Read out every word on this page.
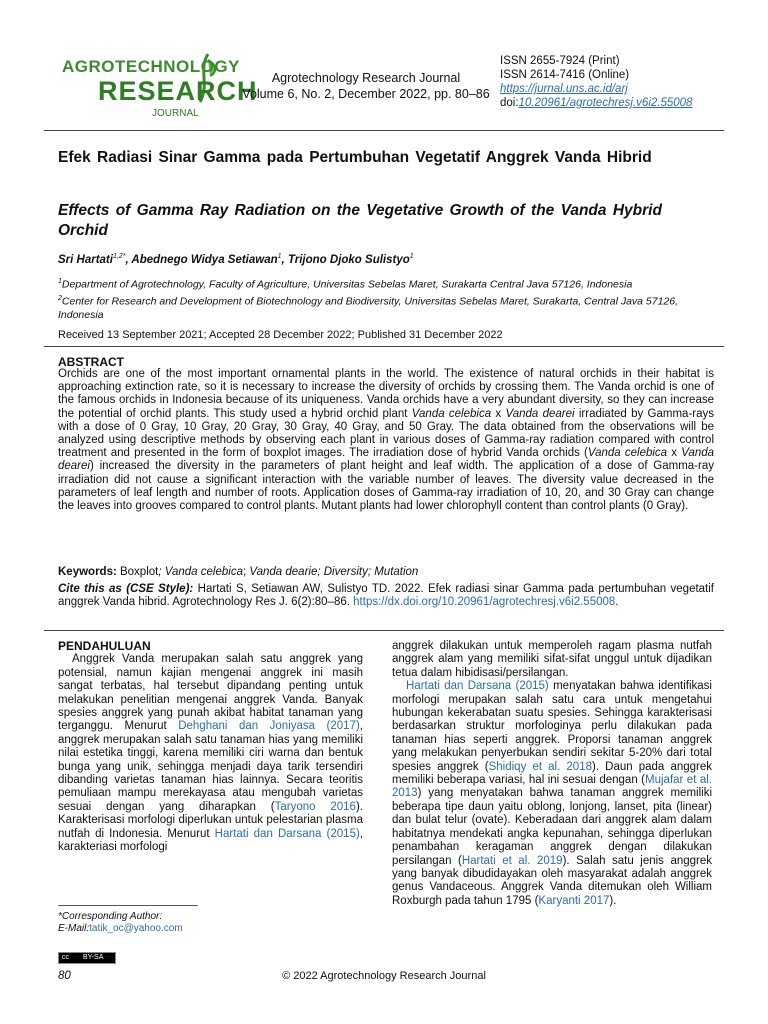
AGROTECHNOLOGY
RESEARCH
JOURNAL
Agrotechnology Research Journal
Volume 6, No. 2, December 2022, pp. 80–86
ISSN 2655-7924 (Print)
ISSN 2614-7416 (Online)
https://jurnal.uns.ac.id/arj
doi:10.20961/agrotechresj.v6i2.55008
Efek Radiasi Sinar Gamma pada Pertumbuhan Vegetatif Anggrek Vanda Hibrid
Effects of Gamma Ray Radiation on the Vegetative Growth of the Vanda Hybrid Orchid
Sri Hartati$^{1,2*}$, Abednego Widya Setiawan$^1$, Trijono Djoko Sulistyo$^1$
$^1$Department of Agrotechnology, Faculty of Agriculture, Universitas Sebelas Maret, Surakarta Central Java 57126, Indonesia
$^2$Center for Research and Development of Biotechnology and Biodiversity, Universitas Sebelas Maret, Surakarta, Central Java 57126, Indonesia
Received 13 September 2021; Accepted 28 December 2022; Published 31 December 2022
ABSTRACT
Orchids are one of the most important ornamental plants in the world. The existence of natural orchids in their habitat is approaching extinction rate, so it is necessary to increase the diversity of orchids by crossing them. The Vanda orchid is one of the famous orchids in Indonesia because of its uniqueness. Vanda orchids have a very abundant diversity, so they can increase the potential of orchid plants. This study used a hybrid orchid plant Vanda celebica x Vanda dearei irradiated by Gamma-rays with a dose of 0 Gray, 10 Gray, 20 Gray, 30 Gray, 40 Gray, and 50 Gray. The data obtained from the observations will be analyzed using descriptive methods by observing each plant in various doses of Gamma-ray radiation compared with control treatment and presented in the form of boxplot images. The irradiation dose of hybrid Vanda orchids (Vanda celebica x Vanda dearei) increased the diversity in the parameters of plant height and leaf width. The application of a dose of Gamma-ray irradiation did not cause a significant interaction with the variable number of leaves. The diversity value decreased in the parameters of leaf length and number of roots. Application doses of Gamma-ray irradiation of 10, 20, and 30 Gray can change the leaves into grooves compared to control plants. Mutant plants had lower chlorophyll content than control plants (0 Gray).
Keywords: Boxplot; Vanda celebica; Vanda dearie; Diversity; Mutation
Cite this as (CSE Style): Hartati S, Setiawan AW, Sulistyo TD. 2022. Efek radiasi sinar Gamma pada pertumbuhan vegetatif anggrek Vanda hibrid. Agrotechnology Res J. 6(2):80–86. https://dx.doi.org/10.20961/agrotechresj.v6i2.55008.
PENDAHULUAN
Anggrek Vanda merupakan salah satu anggrek yang potensial, namun kajian mengenai anggrek ini masih sangat terbatas, hal tersebut dipandang penting untuk melakukan penelitian mengenai anggrek Vanda. Banyak spesies anggrek yang punah akibat habitat tanaman yang terganggu. Menurut Dehghani dan Joniyasa (2017), anggrek merupakan salah satu tanaman hias yang memiliki nilai estetika tinggi, karena memiliki ciri warna dan bentuk bunga yang unik, sehingga menjadi daya tarik tersendiri dibanding varietas tanaman hias lainnya. Secara teoritis pemuliaan mampu merekayasa atau mengubah varietas sesuai dengan yang diharapkan (Taryono 2016). Karakterisasi morfologi diperlukan untuk pelestarian plasma nutfah di Indonesia. Menurut Hartati dan Darsana (2015), karakteriasi morfologi
anggrek dilakukan untuk memperoleh ragam plasma nutfah anggrek alam yang memiliki sifat-sifat unggul untuk dijadikan tetua dalam hibidisasi/persilangan.
Hartati dan Darsana (2015) menyatakan bahwa identifikasi morfologi merupakan salah satu cara untuk mengetahui hubungan kekerabatan suatu spesies. Sehingga karakterisasi berdasarkan struktur morfologinya perlu dilakukan pada tanaman hias seperti anggrek. Proporsi tanaman anggrek yang melakukan penyerbukan sendiri sekitar 5-20% dari total spesies anggrek (Shidiqy et al. 2018). Daun pada anggrek memiliki beberapa variasi, hal ini sesuai dengan (Mujafar et al. 2013) yang menyatakan bahwa tanaman anggrek memiliki beberapa tipe daun yaitu oblong, lonjong, lanset, pita (linear) dan bulat telur (ovate). Keberadaan dari anggrek alam dalam habitatnya mendekati angka kepunahan, sehingga diperlukan penambahan keragaman anggrek dengan dilakukan persilangan (Hartati et al. 2019). Salah satu jenis anggrek yang banyak dibudidayakan oleh masyarakat adalah anggrek genus Vandaceous. Anggrek Vanda ditemukan oleh William Roxburgh pada tahun 1795 (Karyanti 2017).
*Corresponding Author:
E-Mail:tatik_oc@yahoo.com
cc BY-SA
80	© 2022 Agrotechnology Research Journal
